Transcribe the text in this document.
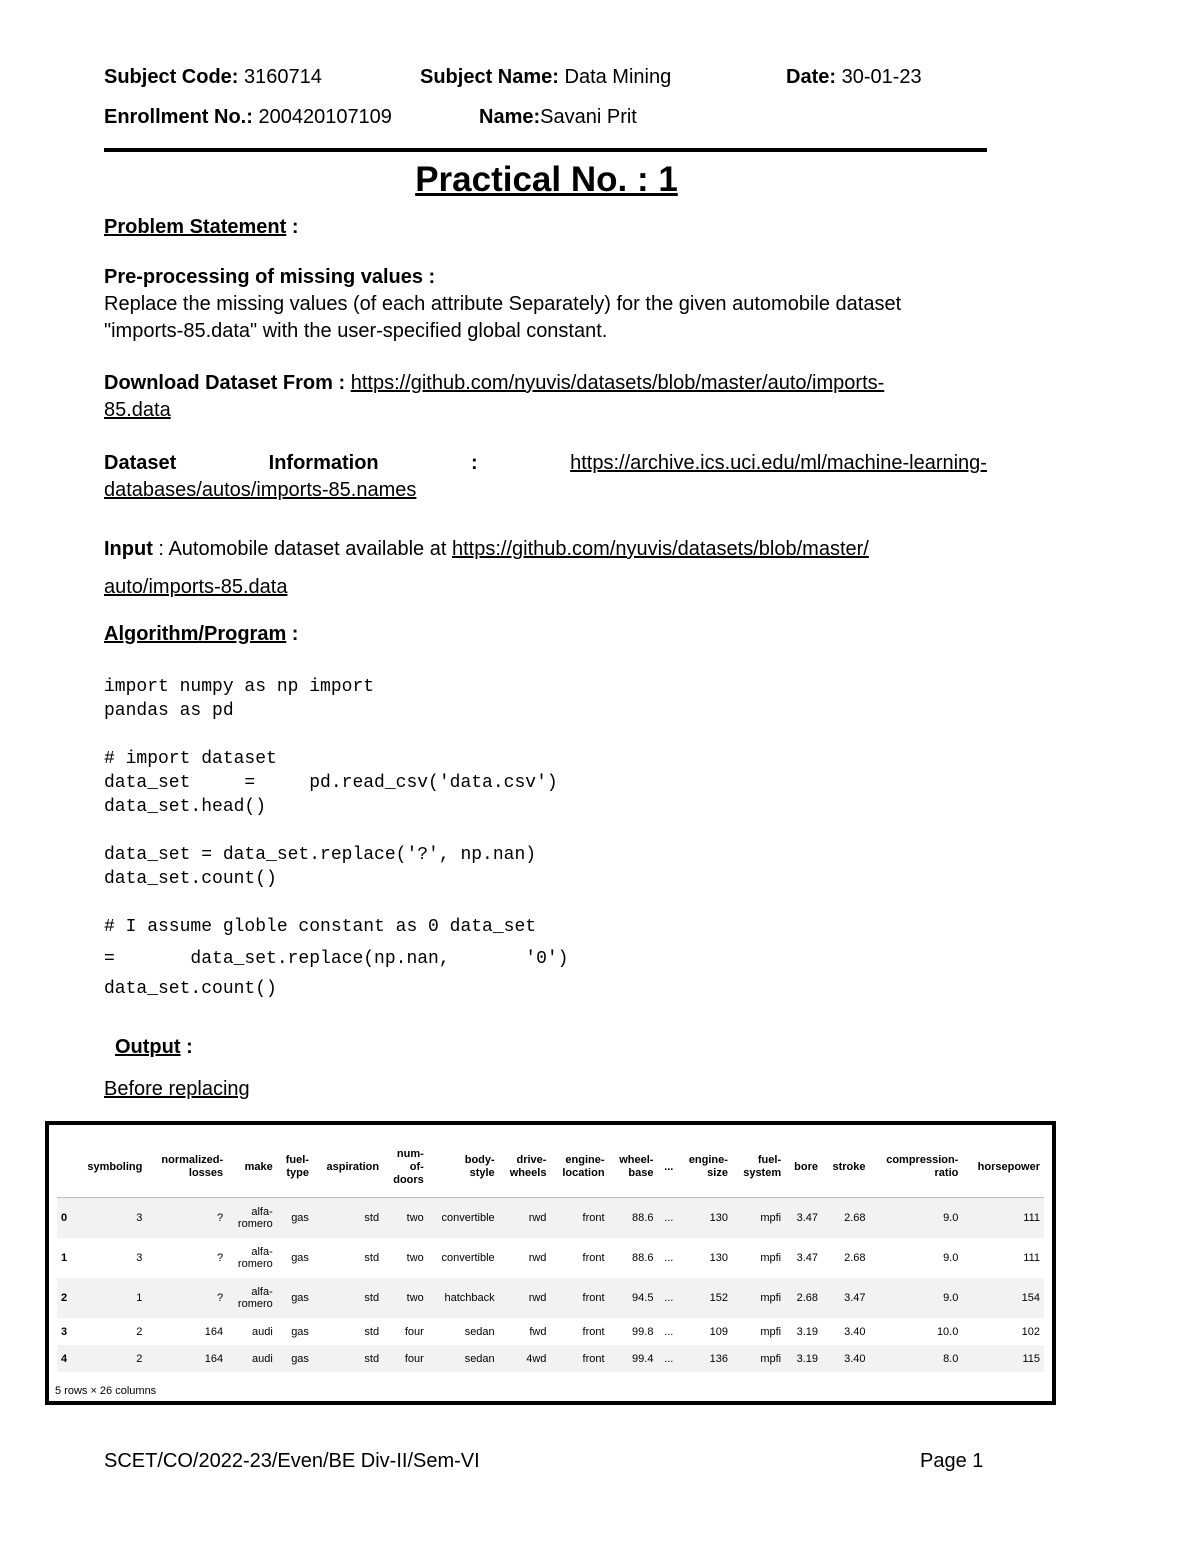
Subject Code: 3160714	Subject Name: Data Mining	Date: 30-01-23
Enrollment No.: 200420107109	Name:Savani Prit
Practical No. : 1
Problem Statement :
Pre-processing of missing values :
Replace the missing values (of each attribute Separately) for the given automobile dataset
"imports-85.data" with the user-specified global constant.
Download Dataset From : https://github.com/nyuvis/datasets/blob/master/auto/imports-
85.data
Dataset	Information	:	https://archive.ics.uci.edu/ml/machine-learning-
databases/autos/imports-85.names
Input : Automobile dataset available at https://github.com/nyuvis/datasets/blob/master/
auto/imports-85.data
Algorithm/Program :
import numpy as np import
pandas as pd

# import dataset
data_set     =     pd.read_csv('data.csv')
data_set.head()

data_set = data_set.replace('?', np.nan)
data_set.count()

# I assume globle constant as 0 data_set
=       data_set.replace(np.nan,       '0')
data_set.count()
Output :
Before replacing
	symboling	normalized-
losses	make	fuel-
type	aspiration	num-
of-
doors	body-
style	drive-
wheels	engine-
location	wheel-
base	...	engine-
size	fuel-
system	bore	stroke	compression-
ratio	horsepower
0	3	?	alfa-
romero	gas	std	two	convertible	rwd	front	88.6	...	130	mpfi	3.47	2.68	9.0	111
1	3	?	alfa-
romero	gas	std	two	convertible	rwd	front	88.6	...	130	mpfi	3.47	2.68	9.0	111
2	1	?	alfa-
romero	gas	std	two	hatchback	rwd	front	94.5	...	152	mpfi	2.68	3.47	9.0	154
3	2	164	audi	gas	std	four	sedan	fwd	front	99.8	...	109	mpfi	3.19	3.40	10.0	102
4	2	164	audi	gas	std	four	sedan	4wd	front	99.4	...	136	mpfi	3.19	3.40	8.0	115
5 rows × 26 columns
SCET/CO/2022-23/Even/BE Div-II/Sem-VI	Page 1
